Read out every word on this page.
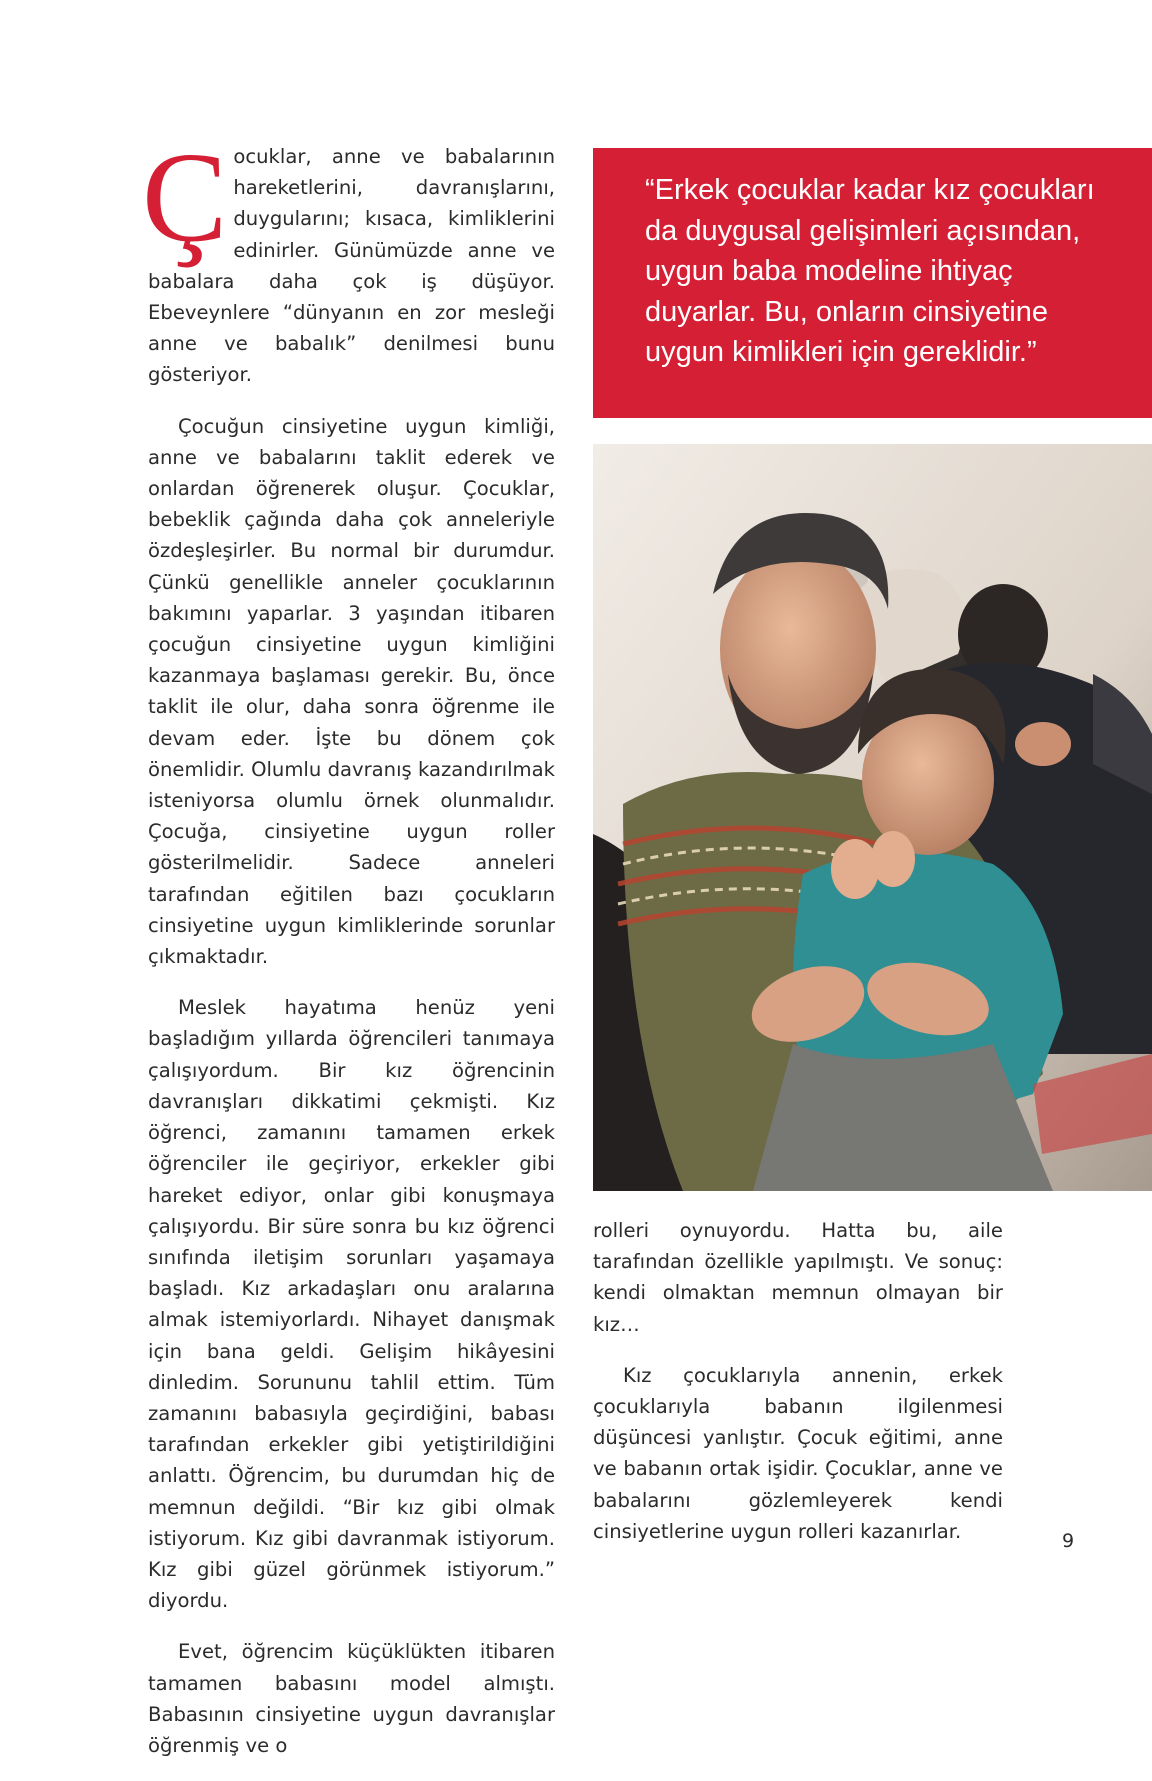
Çocuklar, anne ve babalarının hareketlerini, davranışlarını, duygularını; kısaca, kimliklerini edinirler. Günümüzde anne ve babalara daha çok iş düşüyor. Ebeveynlere “dünyanın en zor mesleği anne ve babalık” denilmesi bunu gösteriyor.

Çocuğun cinsiyetine uygun kimliği, anne ve babalarını taklit ederek ve onlardan öğrenerek oluşur. Çocuklar, bebeklik çağında daha çok anneleriyle özdeşleşirler. Bu normal bir durumdur. Çünkü genellikle anneler çocuklarının bakımını yaparlar. 3 yaşından itibaren çocuğun cinsiyetine uygun kimliğini kazanmaya başlaması gerekir. Bu, önce taklit ile olur, daha sonra öğrenme ile devam eder. İşte bu dönem çok önemlidir. Olumlu davranış kazandırılmak isteniyorsa olumlu örnek olunmalıdır. Çocuğa, cinsiyetine uygun roller gösterilmelidir. Sadece anneleri tarafından eğitilen bazı çocukların cinsiyetine uygun kimliklerinde sorunlar çıkmaktadır.

Meslek hayatıma henüz yeni başladığım yıllarda öğrencileri tanımaya çalışıyordum. Bir kız öğrencinin davranışları dikkatimi çekmişti. Kız öğrenci, zamanını tamamen erkek öğrenciler ile geçiriyor, erkekler gibi hareket ediyor, onlar gibi konuşmaya çalışıyordu. Bir süre sonra bu kız öğrenci sınıfında iletişim sorunları yaşamaya başladı. Kız arkadaşları onu aralarına almak istemiyorlardı. Nihayet danışmak için bana geldi. Gelişim hikâyesini dinledim. Sorununu tahlil ettim. Tüm zamanını babasıyla geçirdiğini, babası tarafından erkekler gibi yetiştirildiğini anlattı. Öğrencim, bu durumdan hiç de memnun değildi. “Bir kız gibi olmak istiyorum. Kız gibi davranmak istiyorum. Kız gibi güzel görünmek istiyorum.” diyordu.

Evet, öğrencim küçüklükten itibaren tamamen babasını model almıştı. Babasının cinsiyetine uygun davranışlar öğrenmiş ve o

“Erkek çocuklar kadar kız çocukları da duygusal gelişimleri açısından, uygun baba modeline ihtiyaç duyarlar. Bu, onların cinsiyetine uygun kimlikleri için gereklidir.”

rolleri oynuyordu. Hatta bu, aile tarafından özellikle yapılmıştı. Ve sonuç: kendi olmaktan memnun olmayan bir kız…

Kız çocuklarıyla annenin, erkek çocuklarıyla babanın ilgilenmesi düşüncesi yanlıştır. Çocuk eğitimi, anne ve babanın ortak işidir. Çocuklar, anne ve babalarını gözlemleyerek kendi cinsiyetlerine uygun rolleri kazanırlar.	9
